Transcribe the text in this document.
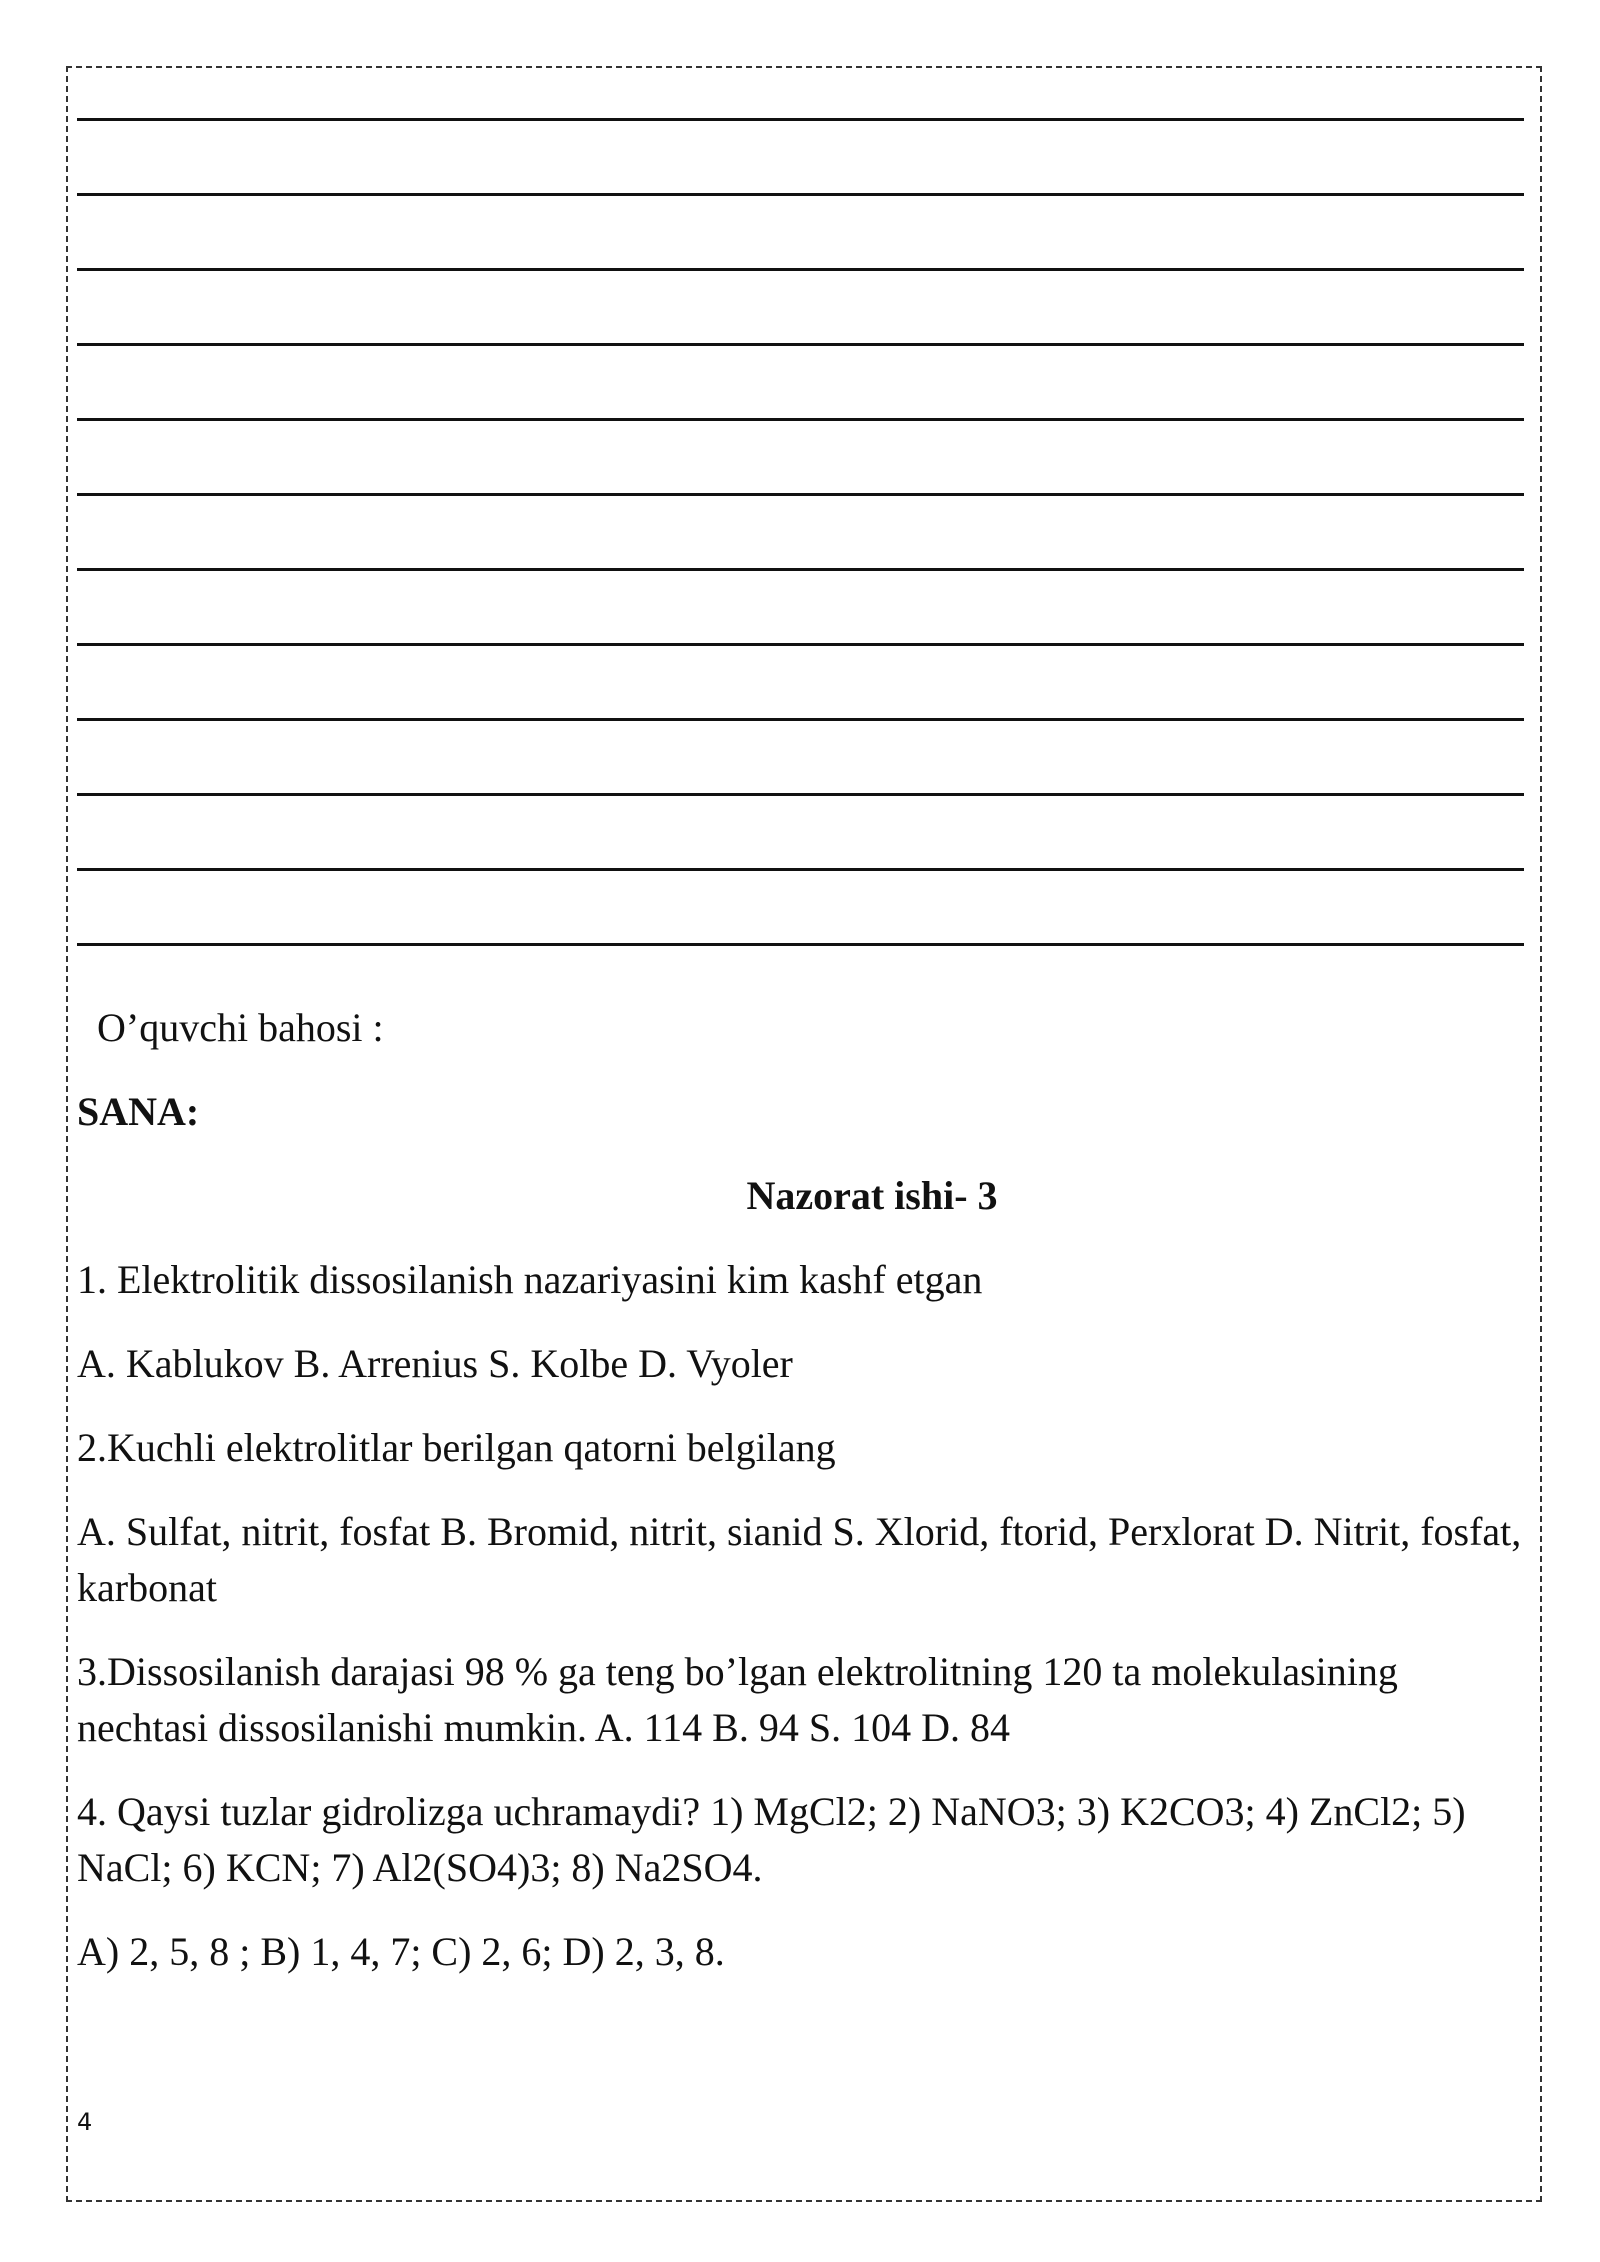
O’quvchi bahosi :

SANA:

Nazorat ishi- 3

1. Elektrolitik dissosilanish nazariyasini kim kashf etgan

A. Kablukov B. Arrenius S. Kolbe D. Vyoler

2.Kuchli elektrolitlar berilgan qatorni belgilang

A. Sulfat, nitrit, fosfat B. Bromid, nitrit, sianid S. Xlorid, ftorid, Perxlorat D. Nitrit, fosfat, karbonat

3.Dissosilanish darajasi 98 % ga teng bo’lgan elektrolitning 120 ta molekulasining nechtasi dissosilanishi mumkin. A. 114 B. 94 S. 104 D. 84

4. Qaysi tuzlar gidrolizga uchramaydi? 1) MgCl2; 2) NaNO3; 3) K2CO3; 4) ZnCl2; 5) NaCl; 6) KCN; 7) Al2(SO4)3; 8) Na2SO4.

A) 2, 5, 8 ; B) 1, 4, 7; C) 2, 6; D) 2, 3, 8.

4
